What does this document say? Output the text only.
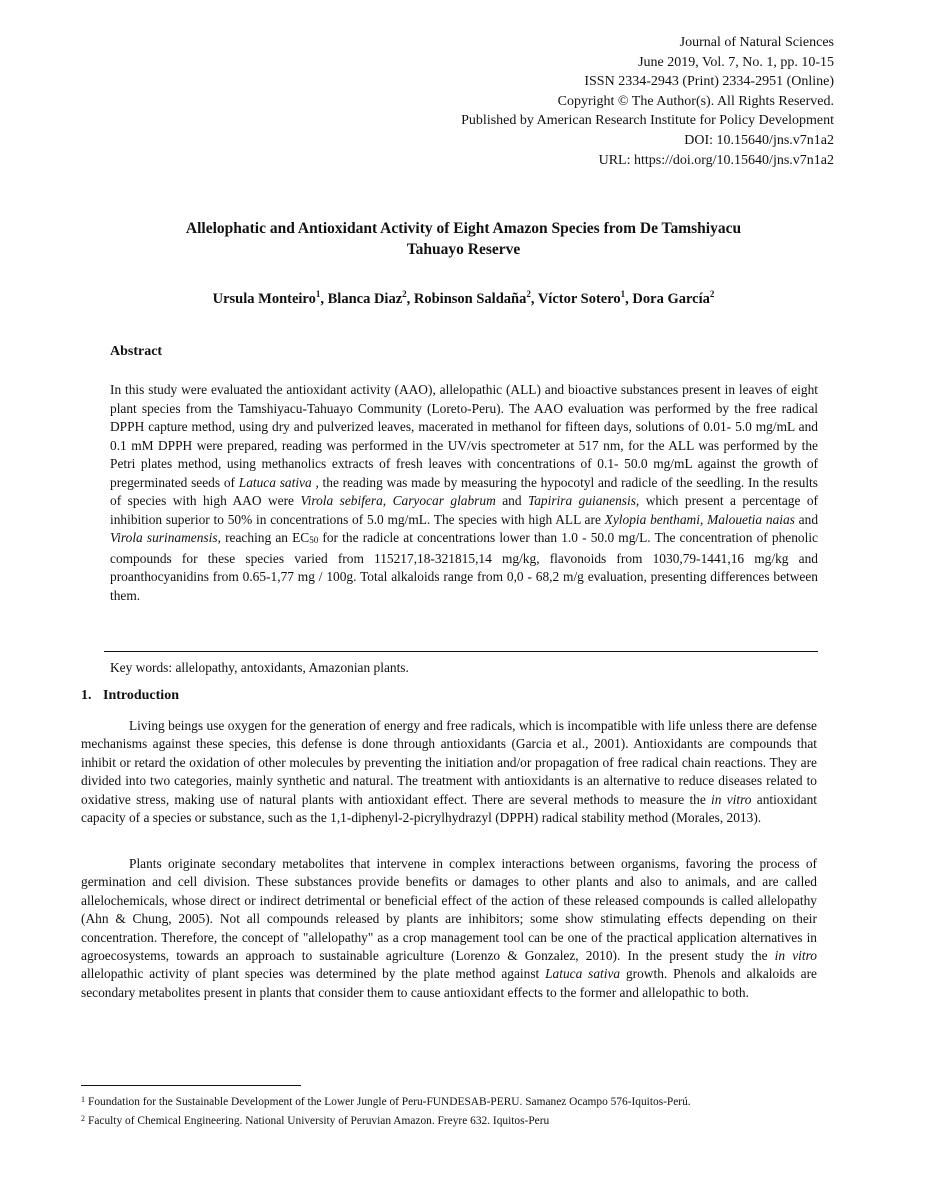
Journal of Natural Sciences
June 2019, Vol. 7, No. 1, pp. 10-15
ISSN 2334-2943 (Print) 2334-2951 (Online)
Copyright © The Author(s). All Rights Reserved.
Published by American Research Institute for Policy Development
DOI: 10.15640/jns.v7n1a2
URL: https://doi.org/10.15640/jns.v7n1a2
Allelophatic and Antioxidant Activity of Eight Amazon Species from De Tamshiyacu
Tahuayo Reserve
Ursula Monteiro$^1$, Blanca Diaz$^2$, Robinson Saldaña$^2$, Víctor Sotero$^1$, Dora García$^2$
Abstract
In this study were evaluated the antioxidant activity (AAO), allelopathic (ALL) and bioactive substances present in leaves of eight plant species from the Tamshiyacu-Tahuayo Community (Loreto-Peru). The AAO evaluation was performed by the free radical DPPH capture method, using dry and pulverized leaves, macerated in methanol for fifteen days, solutions of 0.01- 5.0 mg/mL and 0.1 mM DPPH were prepared, reading was performed in the UV/vis spectrometer at 517 nm, for the ALL was performed by the Petri plates method, using methanolics extracts of fresh leaves with concentrations of 0.1- 50.0 mg/mL against the growth of pregerminated seeds of Latuca sativa , the reading was made by measuring the hypocotyl and radicle of the seedling. In the results of species with high AAO were Virola sebifera, Caryocar glabrum and Tapirira guianensis, which present a percentage of inhibition superior to 50% in concentrations of 5.0 mg/mL. The species with high ALL are Xylopia benthami, Malouetia naias and Virola surinamensis, reaching an $EC_{50}$ for the radicle at concentrations lower than 1.0 - 50.0 mg/L. The concentration of phenolic compounds for these species varied from 115217,18-321815,14 mg/kg, flavonoids from 1030,79-1441,16 mg/kg and proanthocyanidins from 0.65-1,77 mg / 100g. Total alkaloids range from 0,0 - 68,2 m/g evaluation, presenting differences between them.
Key words: allelopathy, antoxidants, Amazonian plants.
1. Introduction
Living beings use oxygen for the generation of energy and free radicals, which is incompatible with life unless there are defense mechanisms against these species, this defense is done through antioxidants (Garcia et al., 2001). Antioxidants are compounds that inhibit or retard the oxidation of other molecules by preventing the initiation and/or propagation of free radical chain reactions. They are divided into two categories, mainly synthetic and natural. The treatment with antioxidants is an alternative to reduce diseases related to oxidative stress, making use of natural plants with antioxidant effect. There are several methods to measure the in vitro antioxidant capacity of a species or substance, such as the 1,1-diphenyl-2-picrylhydrazyl (DPPH) radical stability method (Morales, 2013).
Plants originate secondary metabolites that intervene in complex interactions between organisms, favoring the process of germination and cell division. These substances provide benefits or damages to other plants and also to animals, and are called allelochemicals, whose direct or indirect detrimental or beneficial effect of the action of these released compounds is called allelopathy (Ahn & Chung, 2005). Not all compounds released by plants are inhibitors; some show stimulating effects depending on their concentration. Therefore, the concept of "allelopathy" as a crop management tool can be one of the practical application alternatives in agroecosystems, towards an approach to sustainable agriculture (Lorenzo & Gonzalez, 2010). In the present study the in vitro allelopathic activity of plant species was determined by the plate method against Latuca sativa growth. Phenols and alkaloids are secondary metabolites present in plants that consider them to cause antioxidant effects to the former and allelopathic to both.
$^1$ Foundation for the Sustainable Development of the Lower Jungle of Peru-FUNDESAB-PERU. Samanez Ocampo 576-Iquitos-Perú.
$^2$ Faculty of Chemical Engineering. National University of Peruvian Amazon. Freyre 632. Iquitos-Peru
